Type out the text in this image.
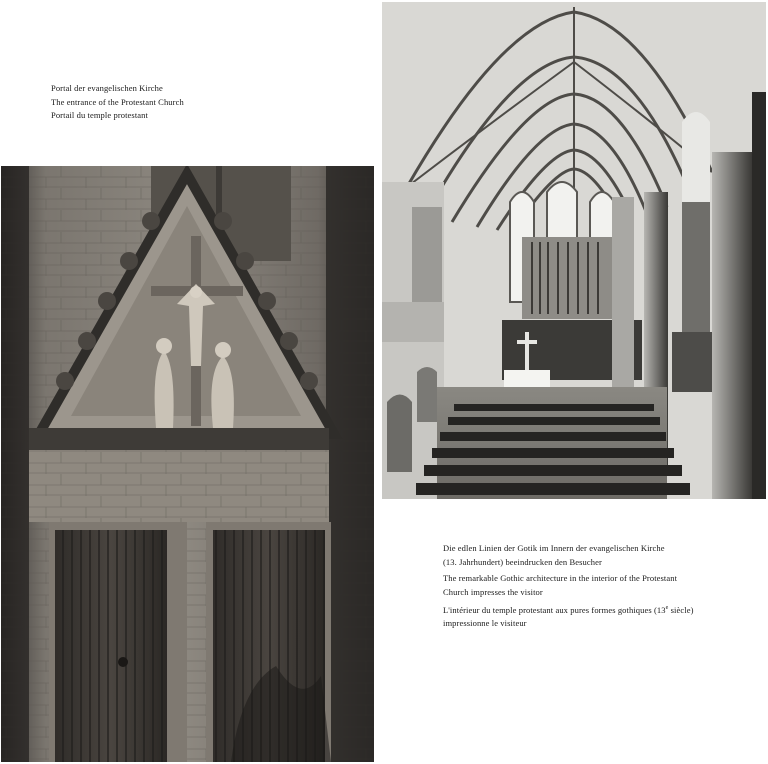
Portal der evangelischen Kirche

The entrance of the Protestant Church

Portail du temple protestant

Die edlen Linien der Gotik im Innern der evangelischen Kirche

(13. Jahrhundert) beeindrucken den Besucher

The remarkable Gothic architecture in the interior of the Protestant

Church impresses the visitor

L'intérieur du temple protestant aux pures formes gothiques (13e siècle)

impressionne le visiteur
